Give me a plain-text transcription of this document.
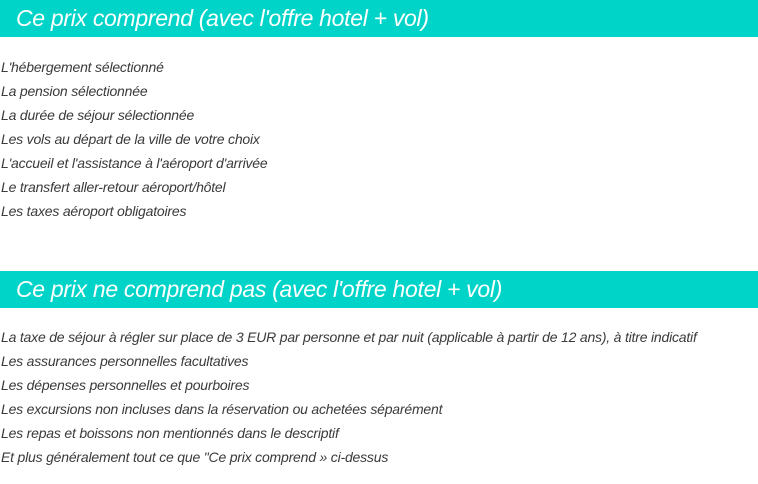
Ce prix comprend (avec l'offre hotel + vol)
L'hébergement sélectionné
La pension sélectionnée
La durée de séjour sélectionnée
Les vols au départ de la ville de votre choix
L'accueil et l'assistance à l'aéroport d'arrivée
Le transfert aller-retour aéroport/hôtel
Les taxes aéroport obligatoires
Ce prix ne comprend pas (avec l'offre hotel + vol)
La taxe de séjour à régler sur place de 3 EUR par personne et par nuit (applicable à partir de 12 ans), à titre indicatif
Les assurances personnelles facultatives
Les dépenses personnelles et pourboires
Les excursions non incluses dans la réservation ou achetées séparément
Les repas et boissons non mentionnés dans le descriptif
Et plus généralement tout ce que "Ce prix comprend » ci-dessus
